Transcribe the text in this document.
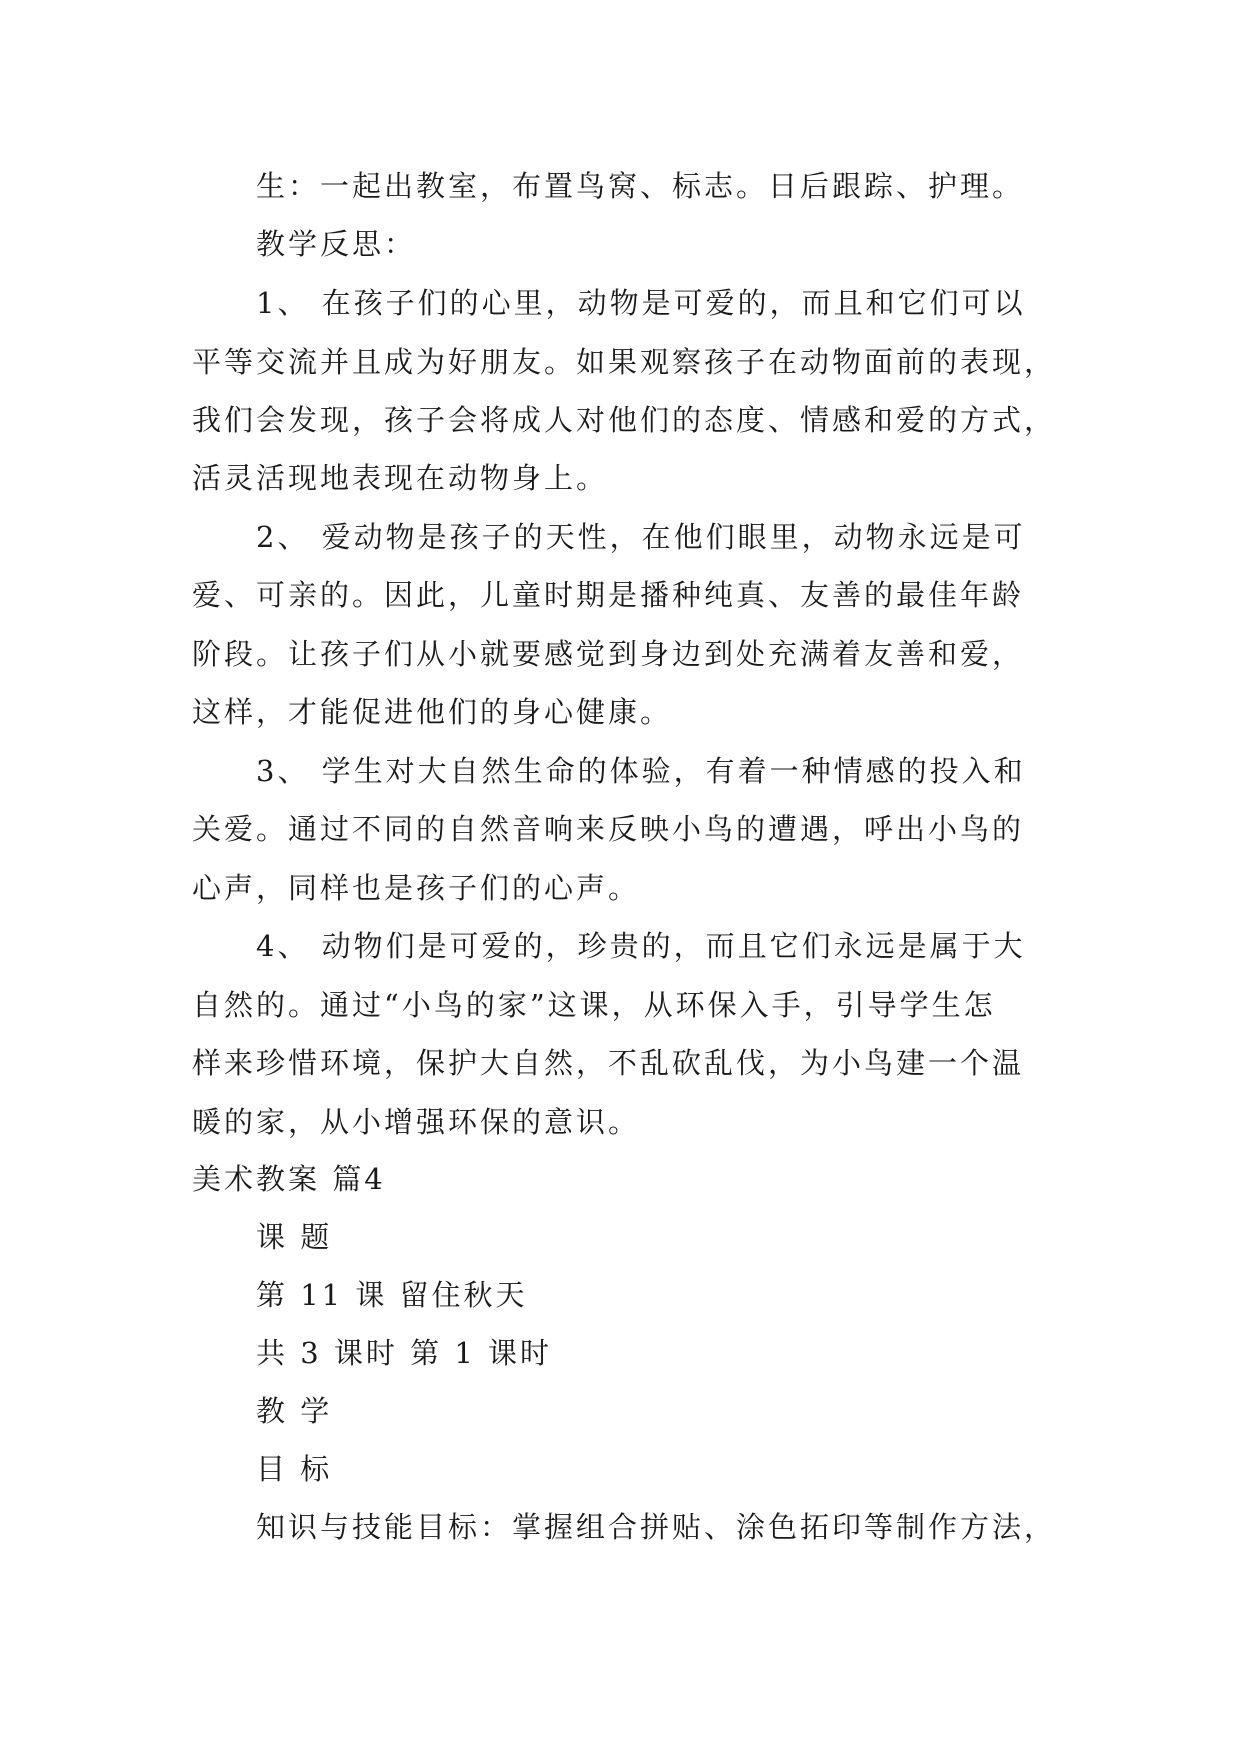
生：一起出教室，布置鸟窝、标志。日后跟踪、护理。
教学反思：
1、 在孩子们的心里，动物是可爱的，而且和它们可以
平等交流并且成为好朋友。如果观察孩子在动物面前的表现，
我们会发现，孩子会将成人对他们的态度、情感和爱的方式，
活灵活现地表现在动物身上。
2、 爱动物是孩子的天性，在他们眼里，动物永远是可
爱、可亲的。因此，儿童时期是播种纯真、友善的最佳年龄
阶段。让孩子们从小就要感觉到身边到处充满着友善和爱，
这样，才能促进他们的身心健康。
3、 学生对大自然生命的体验，有着一种情感的投入和
关爱。通过不同的自然音响来反映小鸟的遭遇，呼出小鸟的
心声，同样也是孩子们的心声。
4、 动物们是可爱的，珍贵的，而且它们永远是属于大
自然的。通过“小鸟的家”这课，从环保入手，引导学生怎
样来珍惜环境，保护大自然，不乱砍乱伐，为小鸟建一个温
暖的家，从小增强环保的意识。
美术教案 篇4
课 题
第 11 课 留住秋天
共 3 课时 第 1 课时
教 学
目 标
知识与技能目标：掌握组合拼贴、涂色拓印等制作方法，
